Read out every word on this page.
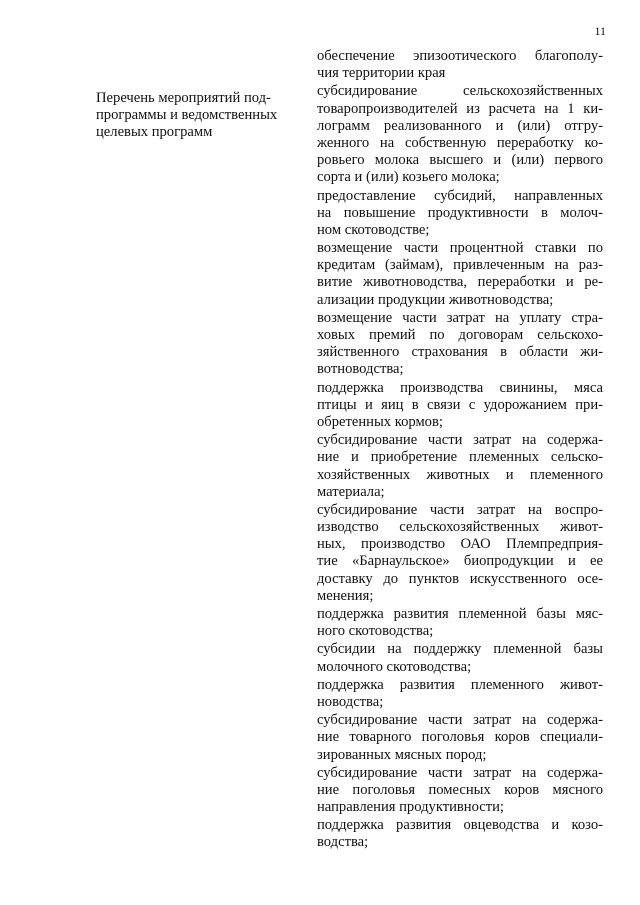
11
Перечень мероприятий под-
программы и ведомственных
целевых программ
обеспечение эпизоотического благополу-
чия территории края
субсидирование сельскохозяйственных
товаропроизводителей из расчета на 1 ки-
лограмм реализованного и (или) отгру-
женного на собственную переработку ко-
ровьего молока высшего и (или) первого
сорта и (или) козьего молока;
предоставление субсидий, направленных
на повышение продуктивности в молоч-
ном скотоводстве;
возмещение части процентной ставки по
кредитам (займам), привлеченным на раз-
витие животноводства, переработки и ре-
ализации продукции животноводства;
возмещение части затрат на уплату стра-
ховых премий по договорам сельскохо-
зяйственного страхования в области жи-
вотноводства;
поддержка производства свинины, мяса
птицы и яиц в связи с удорожанием при-
обретенных кормов;
субсидирование части затрат на содержа-
ние и приобретение племенных сельско-
хозяйственных животных и племенного
материала;
субсидирование части затрат на воспро-
изводство сельскохозяйственных живот-
ных, производство ОАО Племпредприя-
тие «Барнаульское» биопродукции и ее
доставку до пунктов искусственного осе-
менения;
поддержка развития племенной базы мяс-
ного скотоводства;
субсидии на поддержку племенной базы
молочного скотоводства;
поддержка развития племенного живот-
новодства;
субсидирование части затрат на содержа-
ние товарного поголовья коров специали-
зированных мясных пород;
субсидирование части затрат на содержа-
ние поголовья помесных коров мясного
направления продуктивности;
поддержка развития овцеводства и козо-
водства;
